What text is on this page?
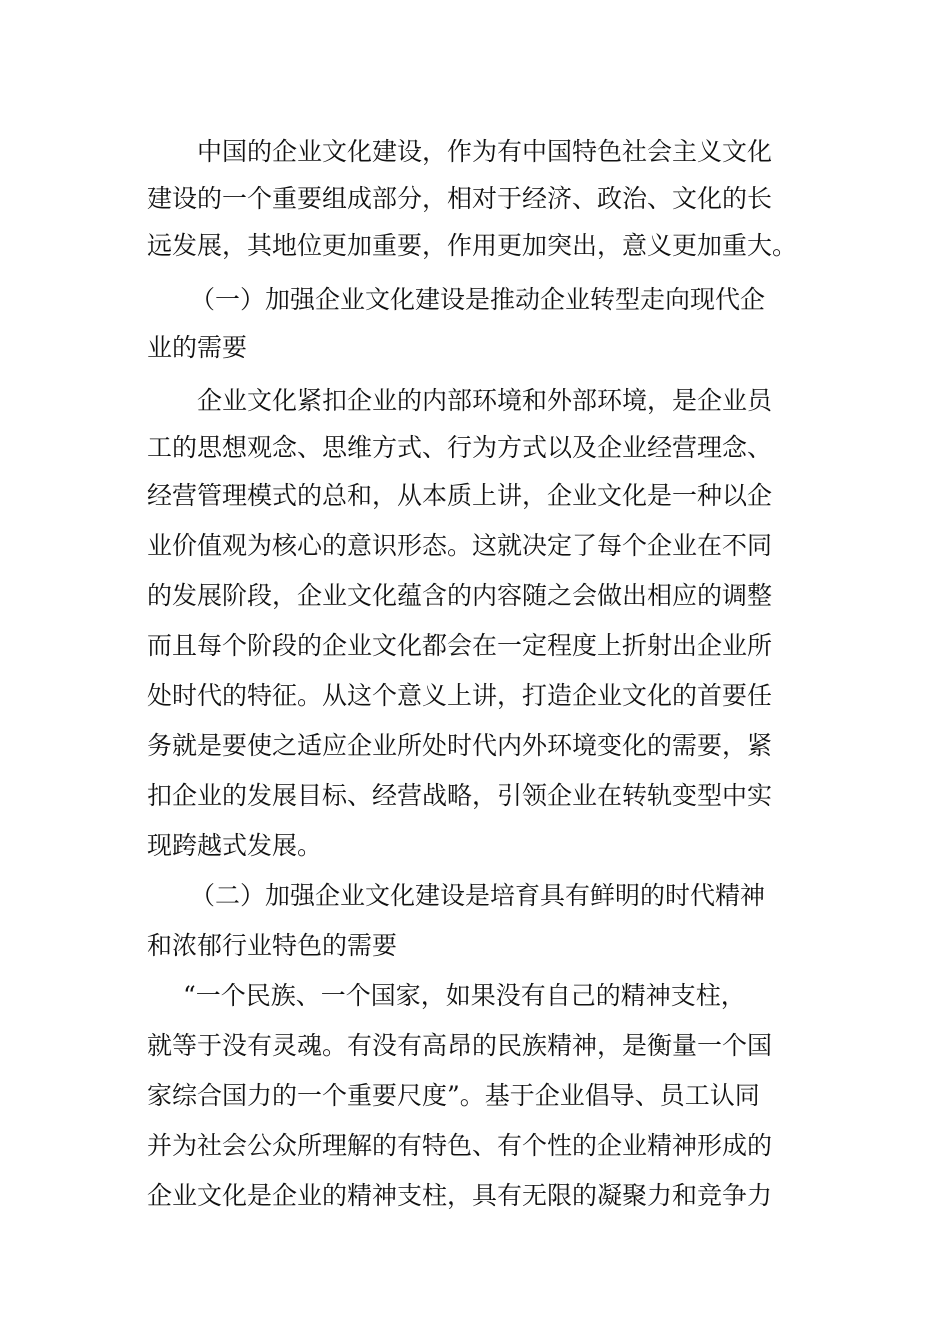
中国的企业文化建设，作为有中国特色社会主义文化
建设的一个重要组成部分，相对于经济、政治、文化的长
远发展，其地位更加重要，作用更加突出，意义更加重大。
（一）加强企业文化建设是推动企业转型走向现代企
业的需要
企业文化紧扣企业的内部环境和外部环境，是企业员
工的思想观念、思维方式、行为方式以及企业经营理念、
经营管理模式的总和，从本质上讲，企业文化是一种以企
业价值观为核心的意识形态。这就决定了每个企业在不同
的发展阶段，企业文化蕴含的内容随之会做出相应的调整
而且每个阶段的企业文化都会在一定程度上折射出企业所
处时代的特征。从这个意义上讲，打造企业文化的首要任
务就是要使之适应企业所处时代内外环境变化的需要，紧
扣企业的发展目标、经营战略，引领企业在转轨变型中实
现跨越式发展。
（二）加强企业文化建设是培育具有鲜明的时代精神
和浓郁行业特色的需要
“一个民族、一个国家，如果没有自己的精神支柱，
就等于没有灵魂。有没有高昂的民族精神，是衡量一个国
家综合国力的一个重要尺度”。基于企业倡导、员工认同
并为社会公众所理解的有特色、有个性的企业精神形成的
企业文化是企业的精神支柱，具有无限的凝聚力和竞争力
